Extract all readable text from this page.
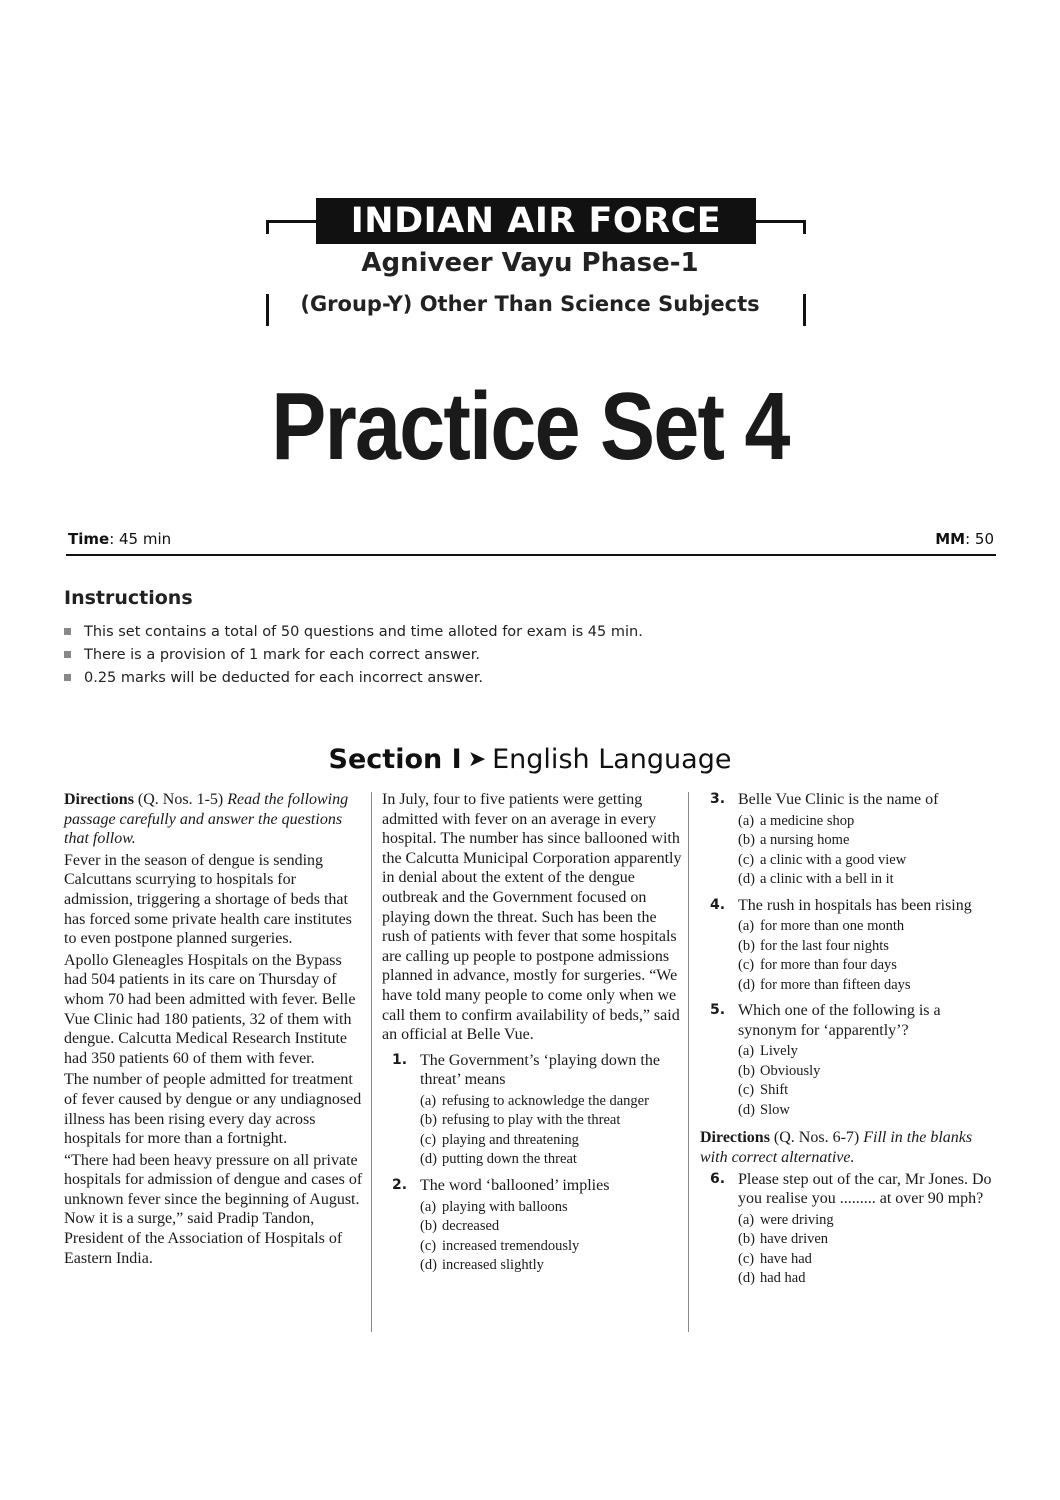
INDIAN AIR FORCE
Agniveer Vayu Phase-1
(Group-Y) Other Than Science Subjects
Practice Set 4
Time: 45 min	MM: 50
Instructions
This set contains a total of 50 questions and time alloted for exam is 45 min.
There is a provision of 1 mark for each correct answer.
0.25 marks will be deducted for each incorrect answer.
Section I ➤ English Language

Directions (Q. Nos. 1-5) Read the following passage carefully and answer the questions that follow.

Fever in the season of dengue is sending Calcuttans scurrying to hospitals for admission, triggering a shortage of beds that has forced some private health care institutes to even postpone planned surgeries.

Apollo Gleneagles Hospitals on the Bypass had 504 patients in its care on Thursday of whom 70 had been admitted with fever. Belle Vue Clinic had 180 patients, 32 of them with dengue. Calcutta Medical Research Institute had 350 patients 60 of them with fever.

The number of people admitted for treatment of fever caused by dengue or any undiagnosed illness has been rising every day across hospitals for more than a fortnight.

“There had been heavy pressure on all private hospitals for admission of dengue and cases of unknown fever since the beginning of August. Now it is a surge,” said Pradip Tandon, President of the Association of Hospitals of Eastern India.

In July, four to five patients were getting admitted with fever on an average in every hospital. The number has since ballooned with the Calcutta Municipal Corporation apparently in denial about the extent of the dengue outbreak and the Government focused on playing down the threat. Such has been the rush of patients with fever that some hospitals are calling up people to postpone admissions planned in advance, mostly for surgeries. “We have told many people to come only when we call them to confirm availability of beds,” said an official at Belle Vue.

1. The Government’s ‘playing down the threat’ means
(a) refusing to acknowledge the danger
(b) refusing to play with the threat
(c) playing and threatening
(d) putting down the threat
2. The word ‘ballooned’ implies
(a) playing with balloons
(b) decreased
(c) increased tremendously
(d) increased slightly
3. Belle Vue Clinic is the name of
(a) a medicine shop
(b) a nursing home
(c) a clinic with a good view
(d) a clinic with a bell in it
4. The rush in hospitals has been rising
(a) for more than one month
(b) for the last four nights
(c) for more than four days
(d) for more than fifteen days
5. Which one of the following is a synonym for ‘apparently’?
(a) Lively
(b) Obviously
(c) Shift
(d) Slow

Directions (Q. Nos. 6-7) Fill in the blanks with correct alternative.

6. Please step out of the car, Mr Jones. Do you realise you ......... at over 90 mph?
(a) were driving
(b) have driven
(c) have had
(d) had had
